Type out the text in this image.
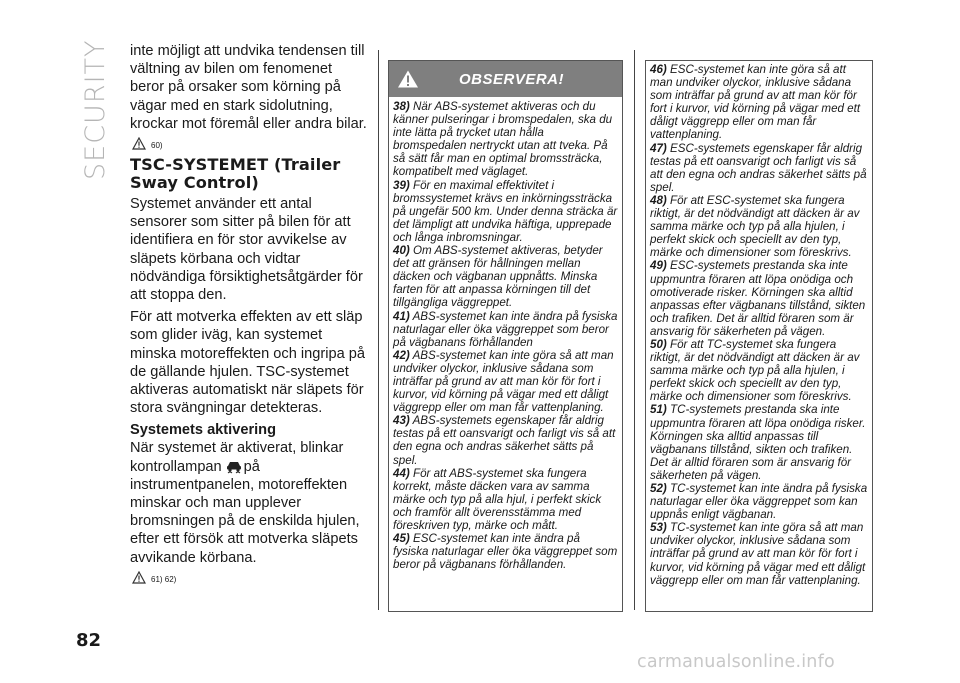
SECURITY
82

inte möjligt att undvika tendensen till vältning av bilen om fenomenet beror på orsaker som körning på vägar med en stark sidolutning, krockar mot föremål eller andra bilar.

60)
TSC-SYSTEMET (Trailer Sway Control)

Systemet använder ett antal sensorer som sitter på bilen för att identifiera en för stor avvikelse av släpets körbana och vidtar nödvändiga försiktighetsåtgärder för att stoppa den.

För att motverka effekten av ett släp som glider iväg, kan systemet minska motoreffekten och ingripa på de gällande hjulen. TSC-systemet aktiveras automatiskt när släpets för stora svängningar detekteras.

Systemets aktivering

När systemet är aktiverat, blinkar kontrollampan på instrumentpanelen, motoreffekten minskar och man upplever bromsningen på de enskilda hjulen, efter ett försök att motverka släpets avvikande körbana.

61) 62)
OBSERVERA!

38) När ABS-systemet aktiveras och du känner pulseringar i bromspedalen, ska du inte lätta på trycket utan hålla bromspedalen nertryckt utan att tveka. På så sätt får man en optimal bromssträcka, kompatibelt med väglaget.

39) För en maximal effektivitet i bromssystemet krävs en inkörningssträcka på ungefär 500 km. Under denna sträcka är det lämpligt att undvika häftiga, upprepade och långa inbromsningar.

40) Om ABS-systemet aktiveras, betyder det att gränsen för hållningen mellan däcken och vägbanan uppnåtts. Minska farten för att anpassa körningen till det tillgängliga väggreppet.

41) ABS-systemet kan inte ändra på fysiska naturlagar eller öka väggreppet som beror på vägbanans förhållanden

42) ABS-systemet kan inte göra så att man undviker olyckor, inklusive sådana som inträffar på grund av att man kör för fort i kurvor, vid körning på vägar med ett dåligt väggrepp eller om man får vattenplaning.

43) ABS-systemets egenskaper får aldrig testas på ett oansvarigt och farligt vis så att den egna och andras säkerhet sätts på spel.

44) För att ABS-systemet ska fungera korrekt, måste däcken vara av samma märke och typ på alla hjul, i perfekt skick och framför allt överensstämma med föreskriven typ, märke och mått.

45) ESC-systemet kan inte ändra på fysiska naturlagar eller öka väggreppet som beror på vägbanans förhållanden.

46) ESC-systemet kan inte göra så att man undviker olyckor, inklusive sådana som inträffar på grund av att man kör för fort i kurvor, vid körning på vägar med ett dåligt väggrepp eller om man får vattenplaning.

47) ESC-systemets egenskaper får aldrig testas på ett oansvarigt och farligt vis så att den egna och andras säkerhet sätts på spel.

48) För att ESC-systemet ska fungera riktigt, är det nödvändigt att däcken är av samma märke och typ på alla hjulen, i perfekt skick och speciellt av den typ, märke och dimensioner som föreskrivs.

49) ESC-systemets prestanda ska inte uppmuntra föraren att löpa onödiga och omotiverade risker. Körningen ska alltid anpassas efter vägbanans tillstånd, sikten och trafiken. Det är alltid föraren som är ansvarig för säkerheten på vägen.

50) För att TC-systemet ska fungera riktigt, är det nödvändigt att däcken är av samma märke och typ på alla hjulen, i perfekt skick och speciellt av den typ, märke och dimensioner som föreskrivs.

51) TC-systemets prestanda ska inte uppmuntra föraren att löpa onödiga risker. Körningen ska alltid anpassas till vägbanans tillstånd, sikten och trafiken. Det är alltid föraren som är ansvarig för säkerheten på vägen.

52) TC-systemet kan inte ändra på fysiska naturlagar eller öka väggreppet som kan uppnås enligt vägbanan.

53) TC-systemet kan inte göra så att man undviker olyckor, inklusive sådana som inträffar på grund av att man kör för fort i kurvor, vid körning på vägar med ett dåligt väggrepp eller om man får vattenplaning.

carmanualsonline.info
